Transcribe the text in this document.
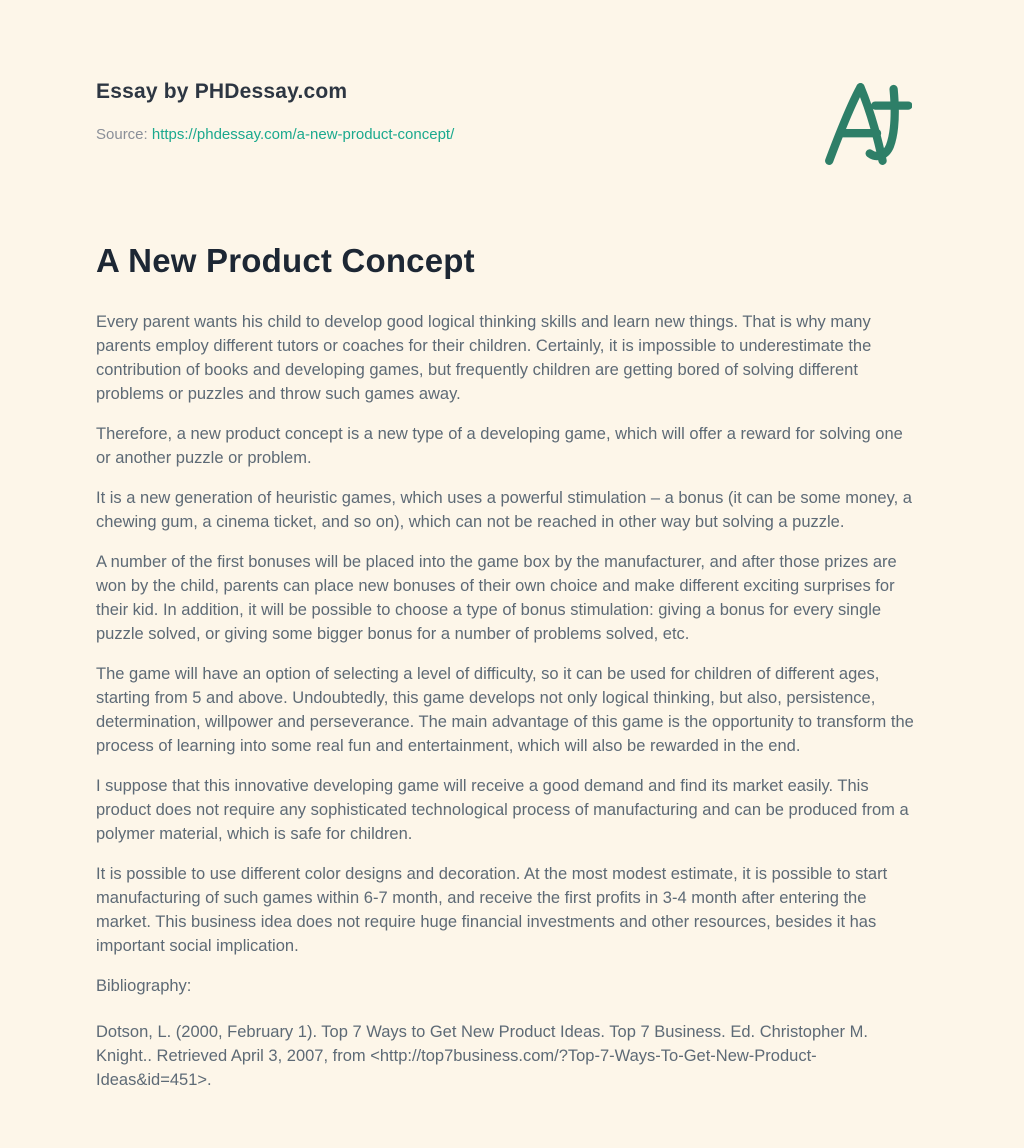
Essay by PHDessay.com
Source: https://phdessay.com/a-new-product-concept/
A New Product Concept

Every parent wants his child to develop good logical thinking skills and learn new things. That is why many parents employ different tutors or coaches for their children. Certainly, it is impossible to underestimate the contribution of books and developing games, but frequently children are getting bored of solving different problems or puzzles and throw such games away.

Therefore, a new product concept is a new type of a developing game, which will offer a reward for solving one or another puzzle or problem.

It is a new generation of heuristic games, which uses a powerful stimulation – a bonus (it can be some money, a chewing gum, a cinema ticket, and so on), which can not be reached in other way but solving a puzzle.

A number of the first bonuses will be placed into the game box by the manufacturer, and after those prizes are won by the child, parents can place new bonuses of their own choice and make different exciting surprises for their kid. In addition, it will be possible to choose a type of bonus stimulation: giving a bonus for every single puzzle solved, or giving some bigger bonus for a number of problems solved, etc.

The game will have an option of selecting a level of difficulty, so it can be used for children of different ages, starting from 5 and above. Undoubtedly, this game develops not only logical thinking, but also, persistence, determination, willpower and perseverance. The main advantage of this game is the opportunity to transform the process of learning into some real fun and entertainment, which will also be rewarded in the end.

I suppose that this innovative developing game will receive a good demand and find its market easily. This product does not require any sophisticated technological process of manufacturing and can be produced from a polymer material, which is safe for children.

It is possible to use different color designs and decoration. At the most modest estimate, it is possible to start manufacturing of such games within 6-7 month, and receive the first profits in 3-4 month after entering the market. This business idea does not require huge financial investments and other resources, besides it has important social implication.

Bibliography:

Dotson, L. (2000, February 1). Top 7 Ways to Get New Product Ideas. Top 7 Business. Ed. Christopher M. Knight.. Retrieved April 3, 2007, from <http://top7business.com/?Top-7-Ways-To-Get-New-Product-Ideas&id=451>.
